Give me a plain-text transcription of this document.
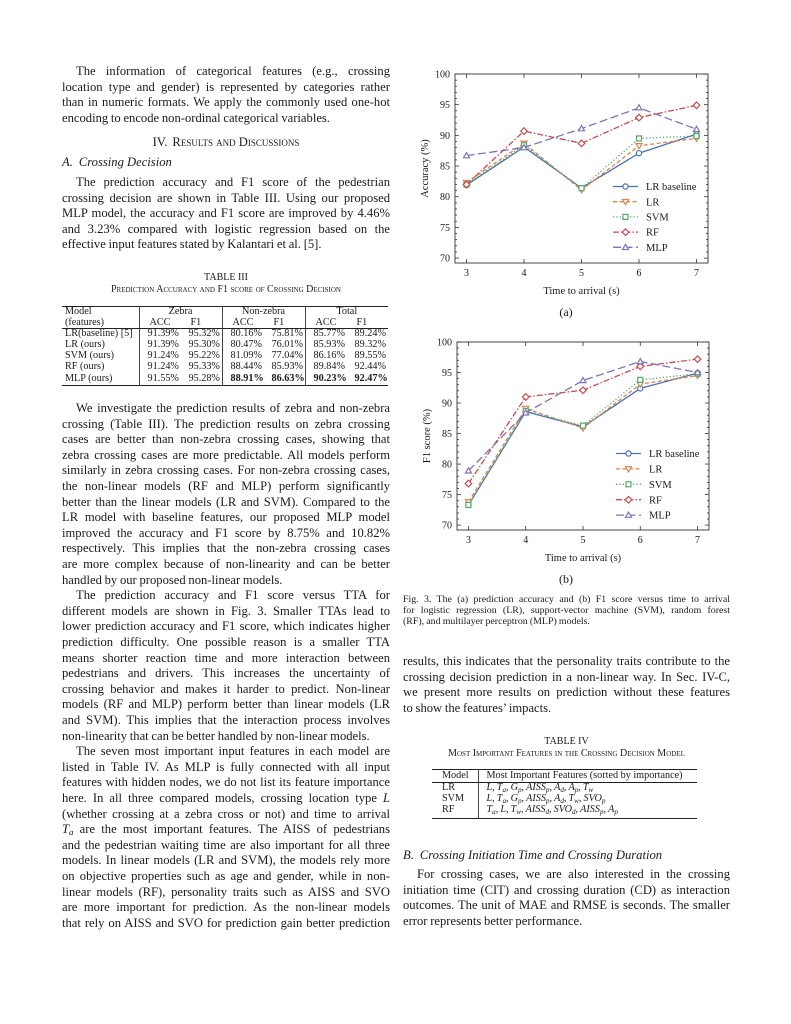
The information of categorical features (e.g., crossing
location type and gender) is represented by categories rather
than in numeric formats. We apply the commonly used one-hot
encoding to encode non-ordinal categorical variables.
IV. Results and Discussions
A. Crossing Decision
The prediction accuracy and F1 score of the pedestrian
crossing decision are shown in Table III. Using our proposed
MLP model, the accuracy and F1 score are improved by 4.46%
and 3.23% compared with logistic regression based on the
effective input features stated by Kalantari et al. [5].
TABLE III
Prediction Accuracy and F1 score of Crossing Decision
Model	Zebra		Non-zebra		Total	
(features)	ACC	F1	ACC	F1	ACC	F1
LR(baseline) [5]	91.39%	95.32%	80.16%	75.81%	85.77%	89.24%
LR (ours)	91.39%	95.30%	80.47%	76.01%	85.93%	89.32%
SVM (ours)	91.24%	95.22%	81.09%	77.04%	86.16%	89.55%
RF (ours)	91.24%	95.33%	88.44%	85.93%	89.84%	92.44%
MLP (ours)	91.55%	95.28%	88.91%	86.63%	90.23%	92.47%
We investigate the prediction results of zebra and non-zebra
crossing (Table III). The prediction results on zebra crossing
cases are better than non-zebra crossing cases, showing that
zebra crossing cases are more predictable. All models perform
similarly in zebra crossing cases. For non-zebra crossing cases,
the non-linear models (RF and MLP) perform significantly
better than the linear models (LR and SVM). Compared to the
LR model with baseline features, our proposed MLP model
improved the accuracy and F1 score by 8.75% and 10.82%
respectively. This implies that the non-zebra crossing cases
are more complex because of non-linearity and can be better
handled by our proposed non-linear models.
The prediction accuracy and F1 score versus TTA for
different models are shown in Fig. 3. Smaller TTAs lead to
lower prediction accuracy and F1 score, which indicates higher
prediction difficulty. One possible reason is a smaller TTA
means shorter reaction time and more interaction between
pedestrians and drivers. This increases the uncertainty of
crossing behavior and makes it harder to predict. Non-linear
models (RF and MLP) perform better than linear models (LR
and SVM). This implies that the interaction process involves
non-linearity that can be better handled by non-linear models.
The seven most important input features in each model are
listed in Table IV. As MLP is fully connected with all input
features with hidden nodes, we do not list its feature importance
here. In all three compared models, crossing location type L
(whether crossing at a zebra cross or not) and time to arrival
$T_a$ are the most important features. The AISS of pedestrians
and the pedestrian waiting time are also important for all three
models. In linear models (LR and SVM), the models rely more
on objective properties such as age and gender, while in non-
linear models (RF), personality traits such as AISS and SVO
are more important for prediction. As the non-linear models
that rely on AISS and SVO for prediction gain better prediction
70
75
80
85
90
95
100
3	4	5	6	7
Time to arrival (s)
Accuracy (%)
(a)
LR baseline
LR
SVM
RF
MLP
70
75
80
85
90
95
100
3	4	5	6	7
Time to arrival (s)
F1 score (%)
(b)
LR baseline
LR
SVM
RF
MLP
Fig. 3. The (a) prediction accuracy and (b) F1 score versus time to arrival
for logistic regression (LR), support-vector machine (SVM), random forest
(RF), and multilayer perceptron (MLP) models.
results, this indicates that the personality traits contribute to the
crossing decision prediction in a non-linear way. In Sec. IV-C,
we present more results on prediction without these features
to show the features’ impacts.
TABLE IV
Most Important Features in the Crossing Decision Model
Model	Most Important Features (sorted by importance)
LR	L, $T_a$, $G_p$, $AISS_p$, $A_d$, $A_p$, $T_w$
SVM	L, $T_a$, $G_p$, $AISS_p$, $A_d$, $T_w$, $SVO_p$
RF	$T_a$, L, $T_w$, $AISS_d$, $SVO_d$, $AISS_p$, $A_p$
B. Crossing Initiation Time and Crossing Duration
For crossing cases, we are also interested in the crossing
initiation time (CIT) and crossing duration (CD) as interaction
outcomes. The unit of MAE and RMSE is seconds. The smaller
error represents better performance.
